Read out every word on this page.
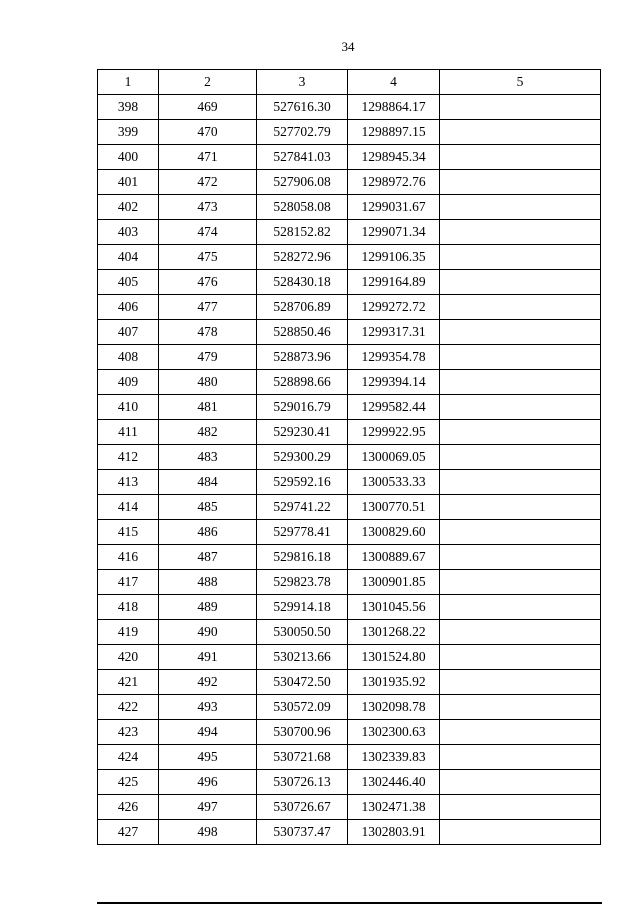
34
1	2	3	4	5
398	469	527616.30	1298864.17	
399	470	527702.79	1298897.15	
400	471	527841.03	1298945.34	
401	472	527906.08	1298972.76	
402	473	528058.08	1299031.67	
403	474	528152.82	1299071.34	
404	475	528272.96	1299106.35	
405	476	528430.18	1299164.89	
406	477	528706.89	1299272.72	
407	478	528850.46	1299317.31	
408	479	528873.96	1299354.78	
409	480	528898.66	1299394.14	
410	481	529016.79	1299582.44	
411	482	529230.41	1299922.95	
412	483	529300.29	1300069.05	
413	484	529592.16	1300533.33	
414	485	529741.22	1300770.51	
415	486	529778.41	1300829.60	
416	487	529816.18	1300889.67	
417	488	529823.78	1300901.85	
418	489	529914.18	1301045.56	
419	490	530050.50	1301268.22	
420	491	530213.66	1301524.80	
421	492	530472.50	1301935.92	
422	493	530572.09	1302098.78	
423	494	530700.96	1302300.63	
424	495	530721.68	1302339.83	
425	496	530726.13	1302446.40	
426	497	530726.67	1302471.38	
427	498	530737.47	1302803.91	
